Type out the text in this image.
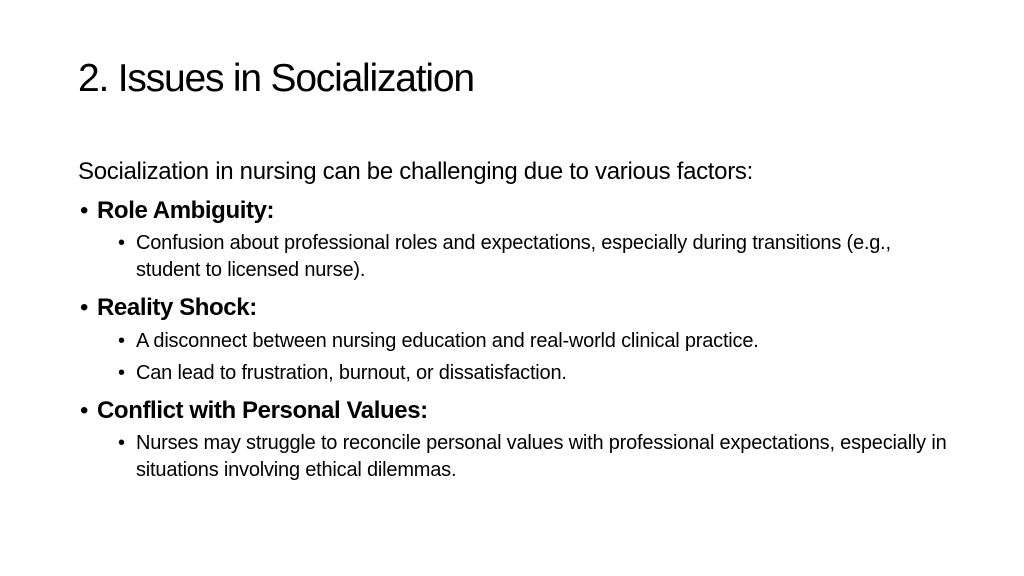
2. Issues in Socialization

Socialization in nursing can be challenging due to various factors:

• Role Ambiguity:
• Confusion about professional roles and expectations, especially during transitions (e.g., student to licensed nurse).
• Reality Shock:
• A disconnect between nursing education and real-world clinical practice.
• Can lead to frustration, burnout, or dissatisfaction.
• Conflict with Personal Values:
• Nurses may struggle to reconcile personal values with professional expectations, especially in situations involving ethical dilemmas.
